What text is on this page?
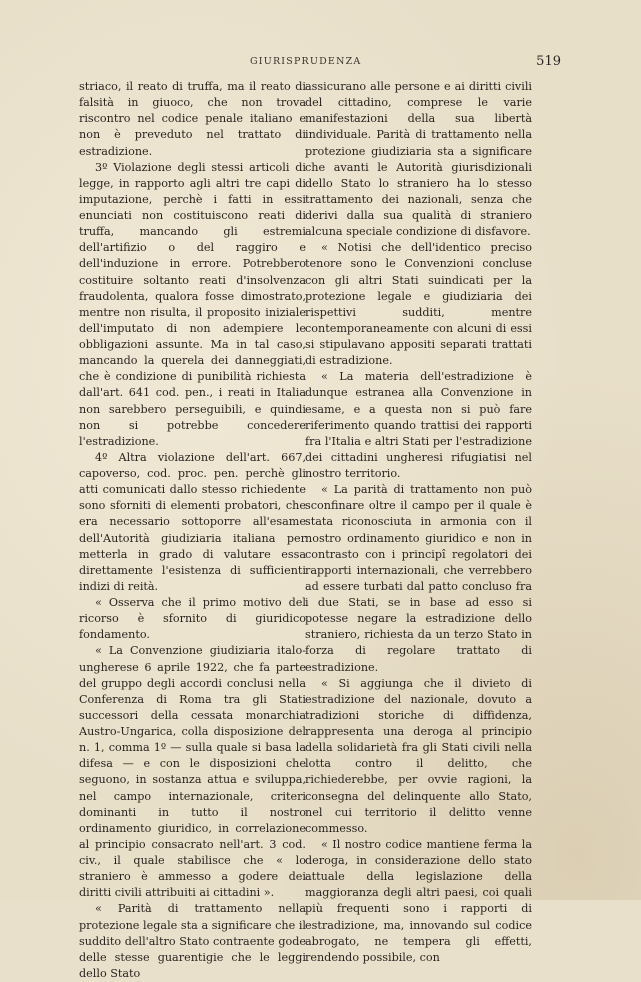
GIURISPRUDENZA	519

striaco, il reato di truffa, ma il reato di falsità in giuoco, che non trova riscontro nel codice penale italiano e non è preveduto nel trattato di estradizione.

3º Violazione degli stessi articoli di legge, in rapporto agli altri tre capi di imputazione, perchè i fatti in essi enunciati non costituiscono reati di truffa, mancando gli estremi dell'artifizio o del raggiro e dell'induzione in errore. Potrebbero costituire soltanto reati d'insolvenza fraudolenta, qualora fosse dimostrato, mentre non risulta, il proposito iniziale dell'imputato di non adempiere le obbligazioni assunte. Ma in tal caso, mancando la querela dei danneggiati, che è condizione di punibilità richiesta dall'art. 641 cod. pen., i reati in Italia non sarebbero perseguibili, e quindi non si potrebbe concedere l'estradizione.

4º Altra violazione dell'art. 667, capoverso, cod. proc. pen. perchè gli atti comunicati dallo stesso richiedente sono sforniti di elementi probatori, che era necessario sottoporre all'esame dell'Autorità giudiziaria italiana per metterla in grado di valutare essa direttamente l'esistenza di sufficienti indizi di reità.

« Osserva che il primo motivo del ricorso è sfornito di giuridico fondamento.

« La Convenzione giudiziaria italo-ungherese 6 aprile 1922, che fa parte del gruppo degli accordi conclusi nella Conferenza di Roma tra gli Stati successori della cessata monarchia Austro-Ungarica, colla disposizione del n. 1, comma 1º — sulla quale si basa la difesa — e con le disposizioni che seguono, in sostanza attua e sviluppa, nel campo internazionale, criteri dominanti in tutto il nostro ordinamento giuridico, in correlazione al principio consacrato nell'art. 3 cod. civ., il quale stabilisce che « lo straniero è ammesso a godere dei diritti civili attribuiti ai cittadini ».

« Parità di trattamento nella protezione legale sta a significare che il suddito dell'altro Stato contraente gode delle stesse guarentigie che le leggi dello Stato

assicurano alle persone e ai diritti civili del cittadino, comprese le varie manifestazioni della sua libertà individuale. Parità di trattamento nella protezione giudiziaria sta a significare che avanti le Autorità giurisdizionali dello Stato lo straniero ha lo stesso trattamento dei nazionali, senza che derivi dalla sua qualità di straniero alcuna speciale condizione di disfavore.

« Notisi che dell'identico preciso tenore sono le Convenzioni concluse con gli altri Stati suindicati per la protezione legale e giudiziaria dei rispettivi sudditi, mentre contemporaneamente con alcuni di essi si stipulavano appositi separati trattati di estradizione.

« La materia dell'estradizione è dunque estranea alla Convenzione in esame, e a questa non si può fare riferimento quando trattisi dei rapporti fra l'Italia e altri Stati per l'estradizione dei cittadini ungheresi rifugiatisi nel nostro territorio.

« La parità di trattamento non può sconfinare oltre il campo per il quale è stata riconosciuta in armonia con il nostro ordinamento giuridico e non in contrasto con i principî regolatori dei rapporti internazionali, che verrebbero ad essere turbati dal patto concluso fra i due Stati, se in base ad esso si potesse negare la estradizione dello straniero, richiesta da un terzo Stato in forza di regolare trattato di estradizione.

« Si aggiunga che il divieto di estradizione del nazionale, dovuto a tradizioni storiche di diffidenza, rappresenta una deroga al principio della solidarietà fra gli Stati civili nella lotta contro il delitto, che richiederebbe, per ovvie ragioni, la consegna del delinquente allo Stato, nel cui territorio il delitto venne commesso.

« Il nostro codice mantiene ferma la deroga, in considerazione dello stato attuale della legislazione della maggioranza degli altri paesi, coi quali più frequenti sono i rapporti di estradizione, ma, innovando sul codice abrogato, ne tempera gli effetti, rendendo possibile, con
